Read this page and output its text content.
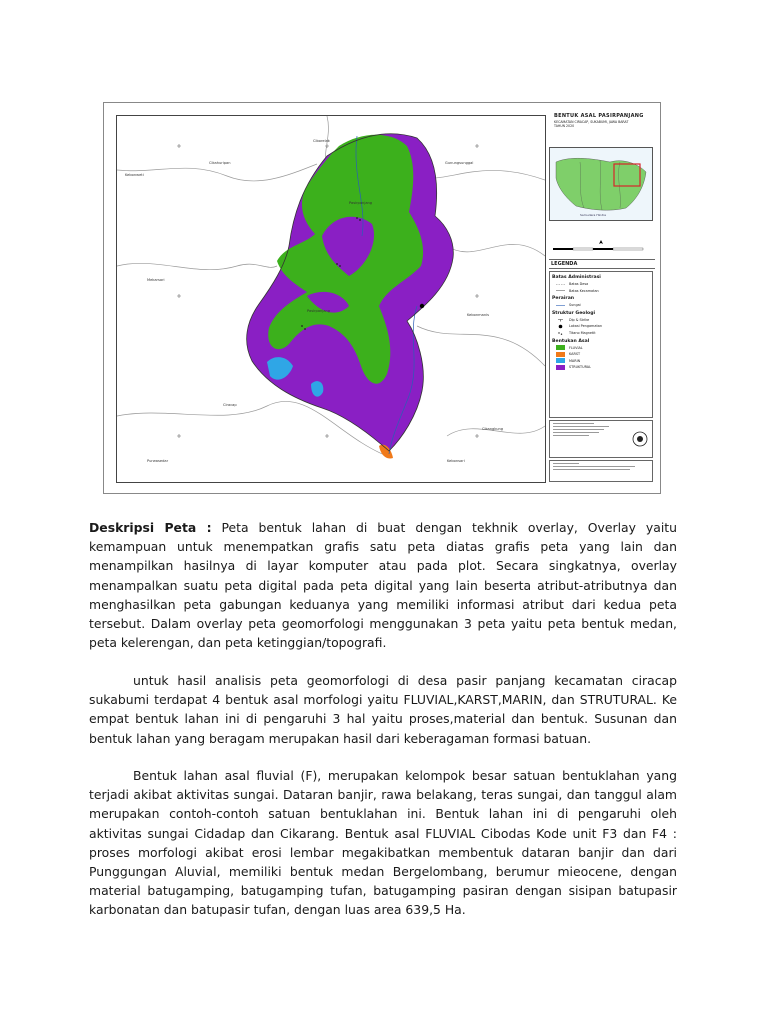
Ciborelak
Cikahuripan	Gunungsunggal
Pasirpanjang
Mekarsari
Kebonmanis
Pasirpanjang
Ciracap
Cikangkung
Purwasedar	Kebonsari
Kebonweti
BENTUK ASAL PASIRPANJANG
KECAMATAN CIRACAP, SUKABUMI, JAWA BARAT
TAHUN 2020
Samudera Hindia
LEGENDA
Batas Administrasi
Batas Desa
Batas Kecamatan
Perairan
Sungai
Struktur Geologi
Dip & Strike
Lokasi Pengamatan
Titano Magnetit
Bentukan Asal
FLUVIAL
KARST
MARIN
STRUKTURAL

Deskripsi Peta : Peta bentuk lahan di buat dengan tekhnik overlay, Overlay yaitu kemampuan untuk menempatkan grafis satu peta diatas grafis peta yang lain dan menampilkan hasilnya di layar komputer atau pada plot. Secara singkatnya, overlay menampalkan suatu peta digital pada peta digital yang lain beserta atribut-atributnya dan menghasilkan peta gabungan keduanya yang memiliki informasi atribut dari kedua peta tersebut. Dalam overlay peta geomorfologi menggunakan 3 peta yaitu peta bentuk medan, peta kelerengan, dan peta ketinggian/topografi.

untuk hasil analisis peta geomorfologi di desa pasir panjang kecamatan ciracap sukabumi terdapat 4 bentuk asal morfologi yaitu FLUVIAL,KARST,MARIN, dan STRUTURAL. Ke empat bentuk lahan ini di pengaruhi 3 hal yaitu proses,material dan bentuk. Susunan dan bentuk lahan yang beragam merupakan hasil dari keberagaman formasi batuan.

Bentuk lahan asal fluvial (F), merupakan kelompok besar satuan bentuklahan yang terjadi akibat aktivitas sungai. Dataran banjir, rawa belakang, teras sungai, dan tanggul alam merupakan contoh-contoh satuan bentuklahan ini. Bentuk lahan ini di pengaruhi oleh aktivitas sungai Cidadap dan Cikarang. Bentuk asal FLUVIAL Cibodas Kode unit F3 dan F4 : proses morfologi akibat erosi lembar megakibatkan membentuk dataran banjir dan dari Punggungan Aluvial, memiliki bentuk medan Bergelombang, berumur mieocene, dengan material batugamping, batugamping tufan, batugamping pasiran dengan sisipan batupasir karbonatan dan batupasir tufan, dengan luas area 639,5 Ha.
